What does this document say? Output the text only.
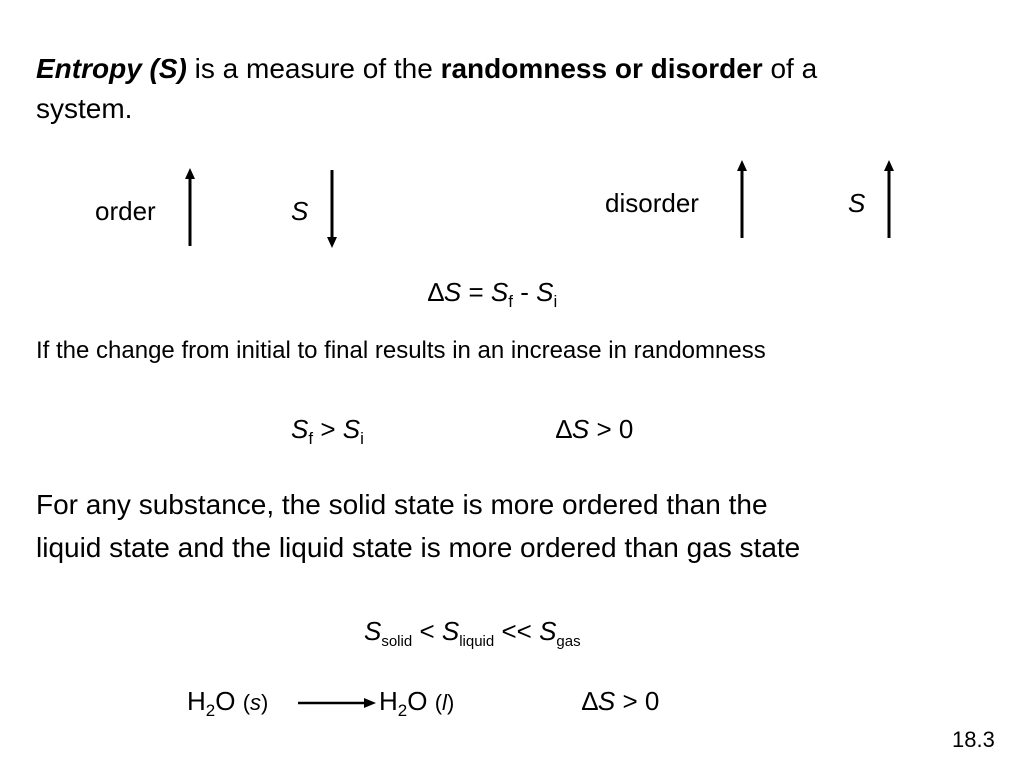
Entropy (S) is a measure of the randomness or disorder of a
system.
order	S	disorder	S
$\Delta S = S_f - S_i$
If the change from initial to final results in an increase in randomness
$S_f > S_i$	∆S > 0
For any substance, the solid state is more ordered than the
liquid state and the liquid state is more ordered than gas state
$S_{solid} < S_{liquid} << S_{gas}$
$H_2O$ (s)	$H_2O$ (l)	∆S > 0
18.3
